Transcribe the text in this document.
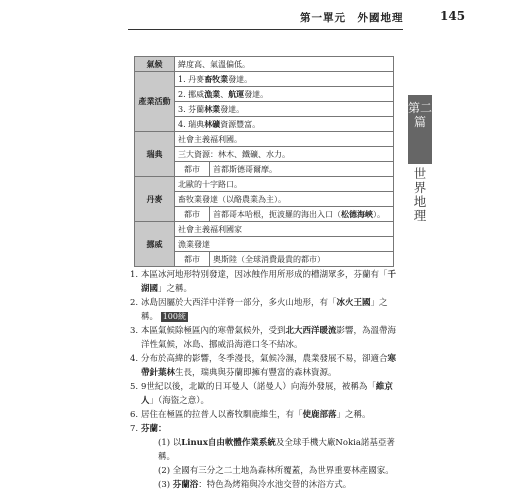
第一單元　外國地理	145
第二篇
世界地理
氣候	緯度高、氣溫偏低。	
產業活動	1. 丹麥畜牧業發達。	
	2. 挪威漁業、航運發達。	
	3. 芬蘭林業發達。	
	4. 瑞典林礦資源豐富。	
瑞典	社會主義福利國。	
	三大資源：林木、鐵礦、水力。	
	都市	首都斯德哥爾摩。
丹麥	北歐的十字路口。	
	畜牧業發達（以酪農業為主）。	
	都市	首都哥本哈根，扼波羅的海出入口（松德海峽）。
挪威	社會主義福利國家	
	漁業發達	
	都市	奧斯陸（全球消費最貴的都市）
1. 本區冰河地形特別發達，因冰蝕作用所形成的槽湖眾多，芬蘭有「千湖國」之稱。
2. 冰島因屬於大西洋中洋脊一部分，多火山地形，有「冰火王國」之稱。 100統
3. 本區氣候除極區內的寒帶氣候外，受到北大西洋暖流影響，為溫帶海洋性氣候，冰島、挪威沿海港口冬不結冰。
4. 分布於高緯的影響，冬季漫長，氣候冷濕，農業發展不易，卻適合寒帶針葉林生長，瑞典與芬蘭即擁有豐富的森林資源。
5. 9世紀以後，北歐的日耳曼人（諾曼人）向海外發展，被稱為「維京人」（海盜之意）。
6. 居住在極區的拉普人以畜牧馴鹿維生，有「使鹿部落」之稱。
7. 芬蘭：
(1) 以Linux自由軟體作業系統及全球手機大廠Nokia諾基亞著稱。
(2) 全國有三分之二土地為森林所覆蓋，為世界重要林產國家。
(3) 芬蘭浴：特色為烤箱與冷水池交替的沐浴方式。
